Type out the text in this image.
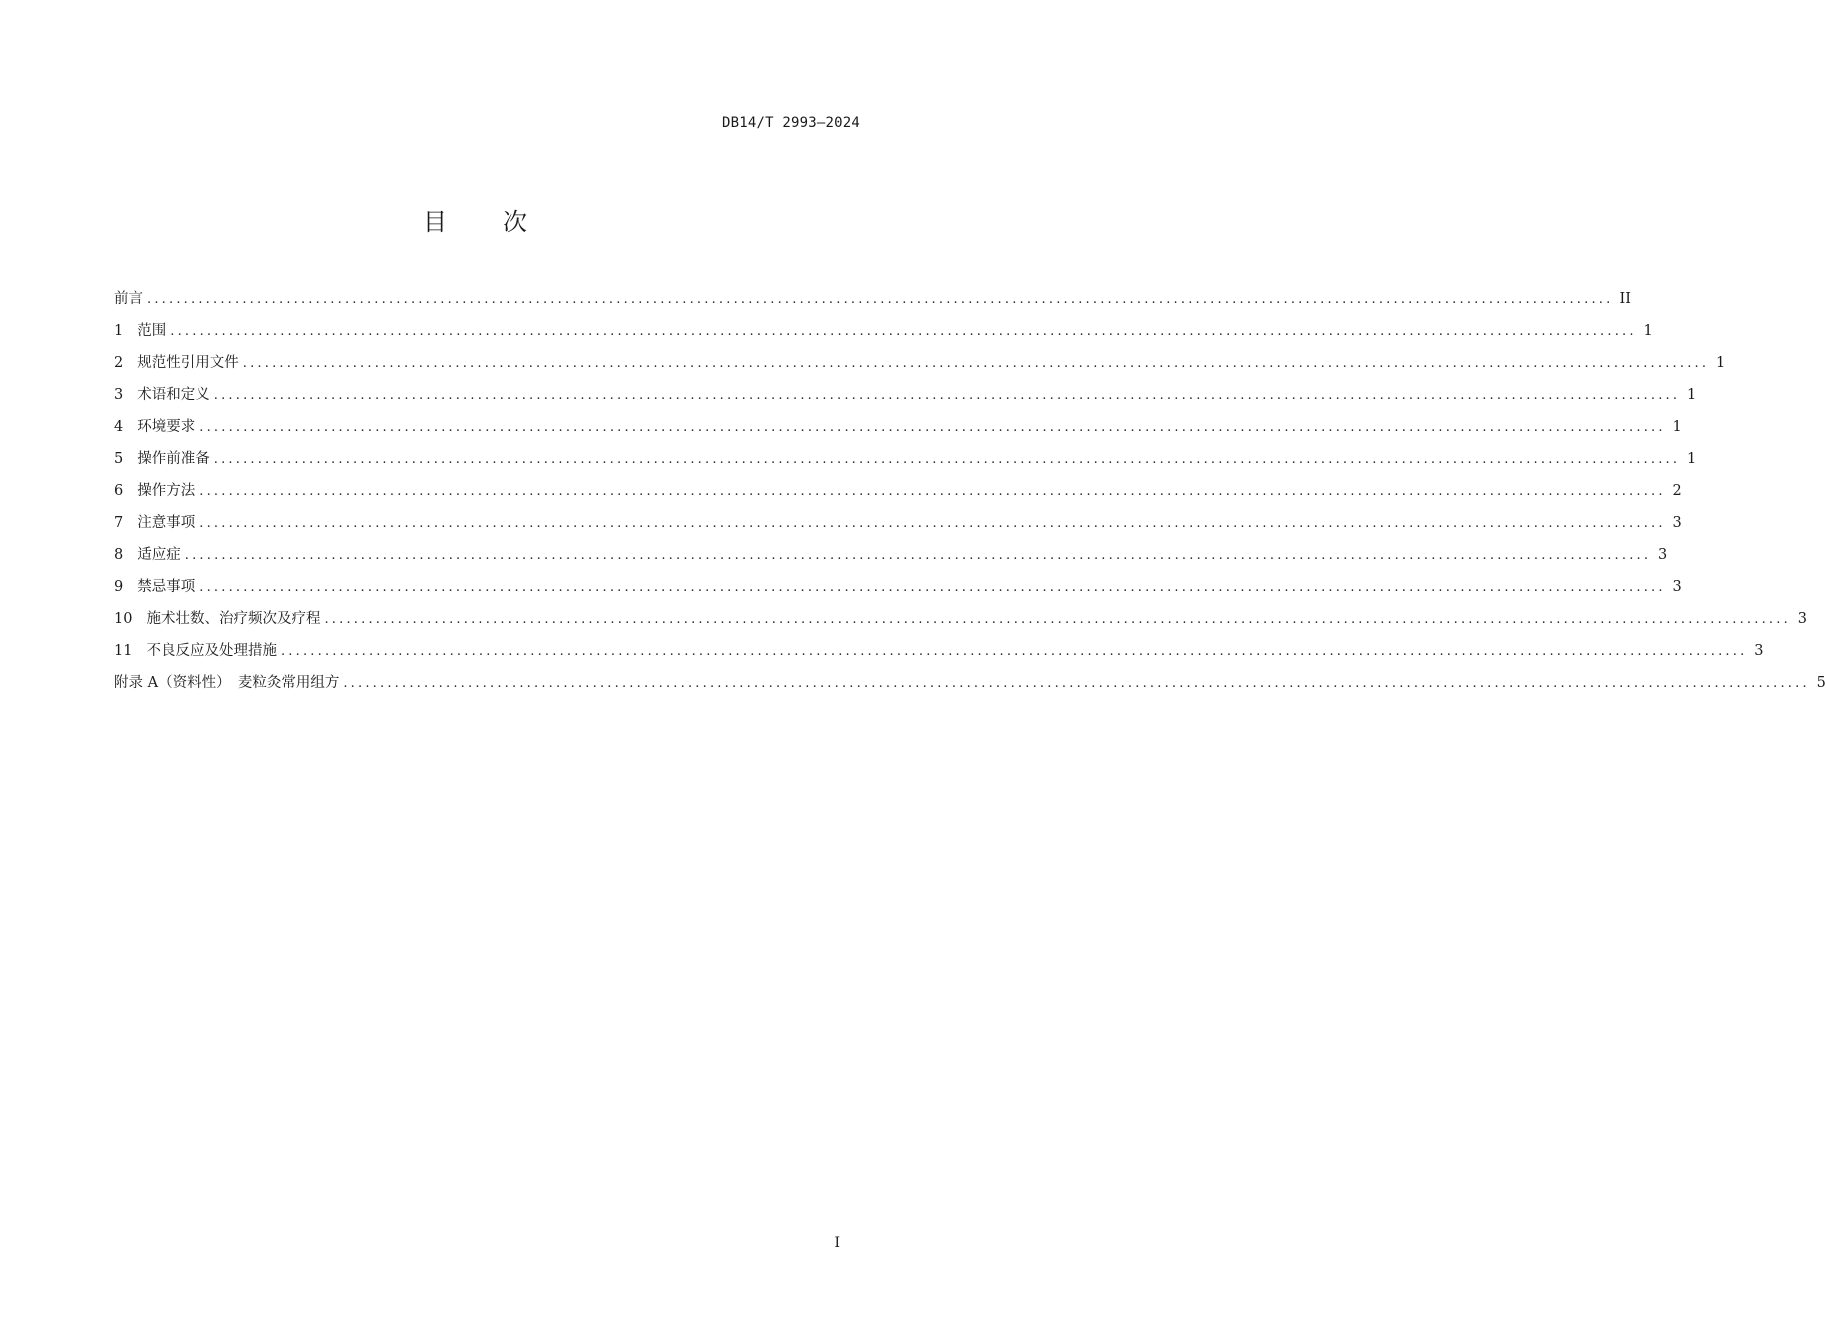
DB14/T 2993—2024
目次
前言 ........................................................................................................................................................................................................ II
1 范围 ........................................................................................................................................................................................................ 1
2 规范性引用文件 ........................................................................................................................................................................................................ 1
3 术语和定义 ........................................................................................................................................................................................................ 1
4 环境要求 ........................................................................................................................................................................................................ 1
5 操作前准备 ........................................................................................................................................................................................................ 1
6 操作方法 ........................................................................................................................................................................................................ 2
7 注意事项 ........................................................................................................................................................................................................ 3
8 适应症 ........................................................................................................................................................................................................ 3
9 禁忌事项 ........................................................................................................................................................................................................ 3
10 施术壮数、治疗频次及疗程 ........................................................................................................................................................................................................ 3
11 不良反应及处理措施 ........................................................................................................................................................................................................ 3
附录 A（资料性）　麦粒灸常用组方 ........................................................................................................................................................................................................ 5
I
